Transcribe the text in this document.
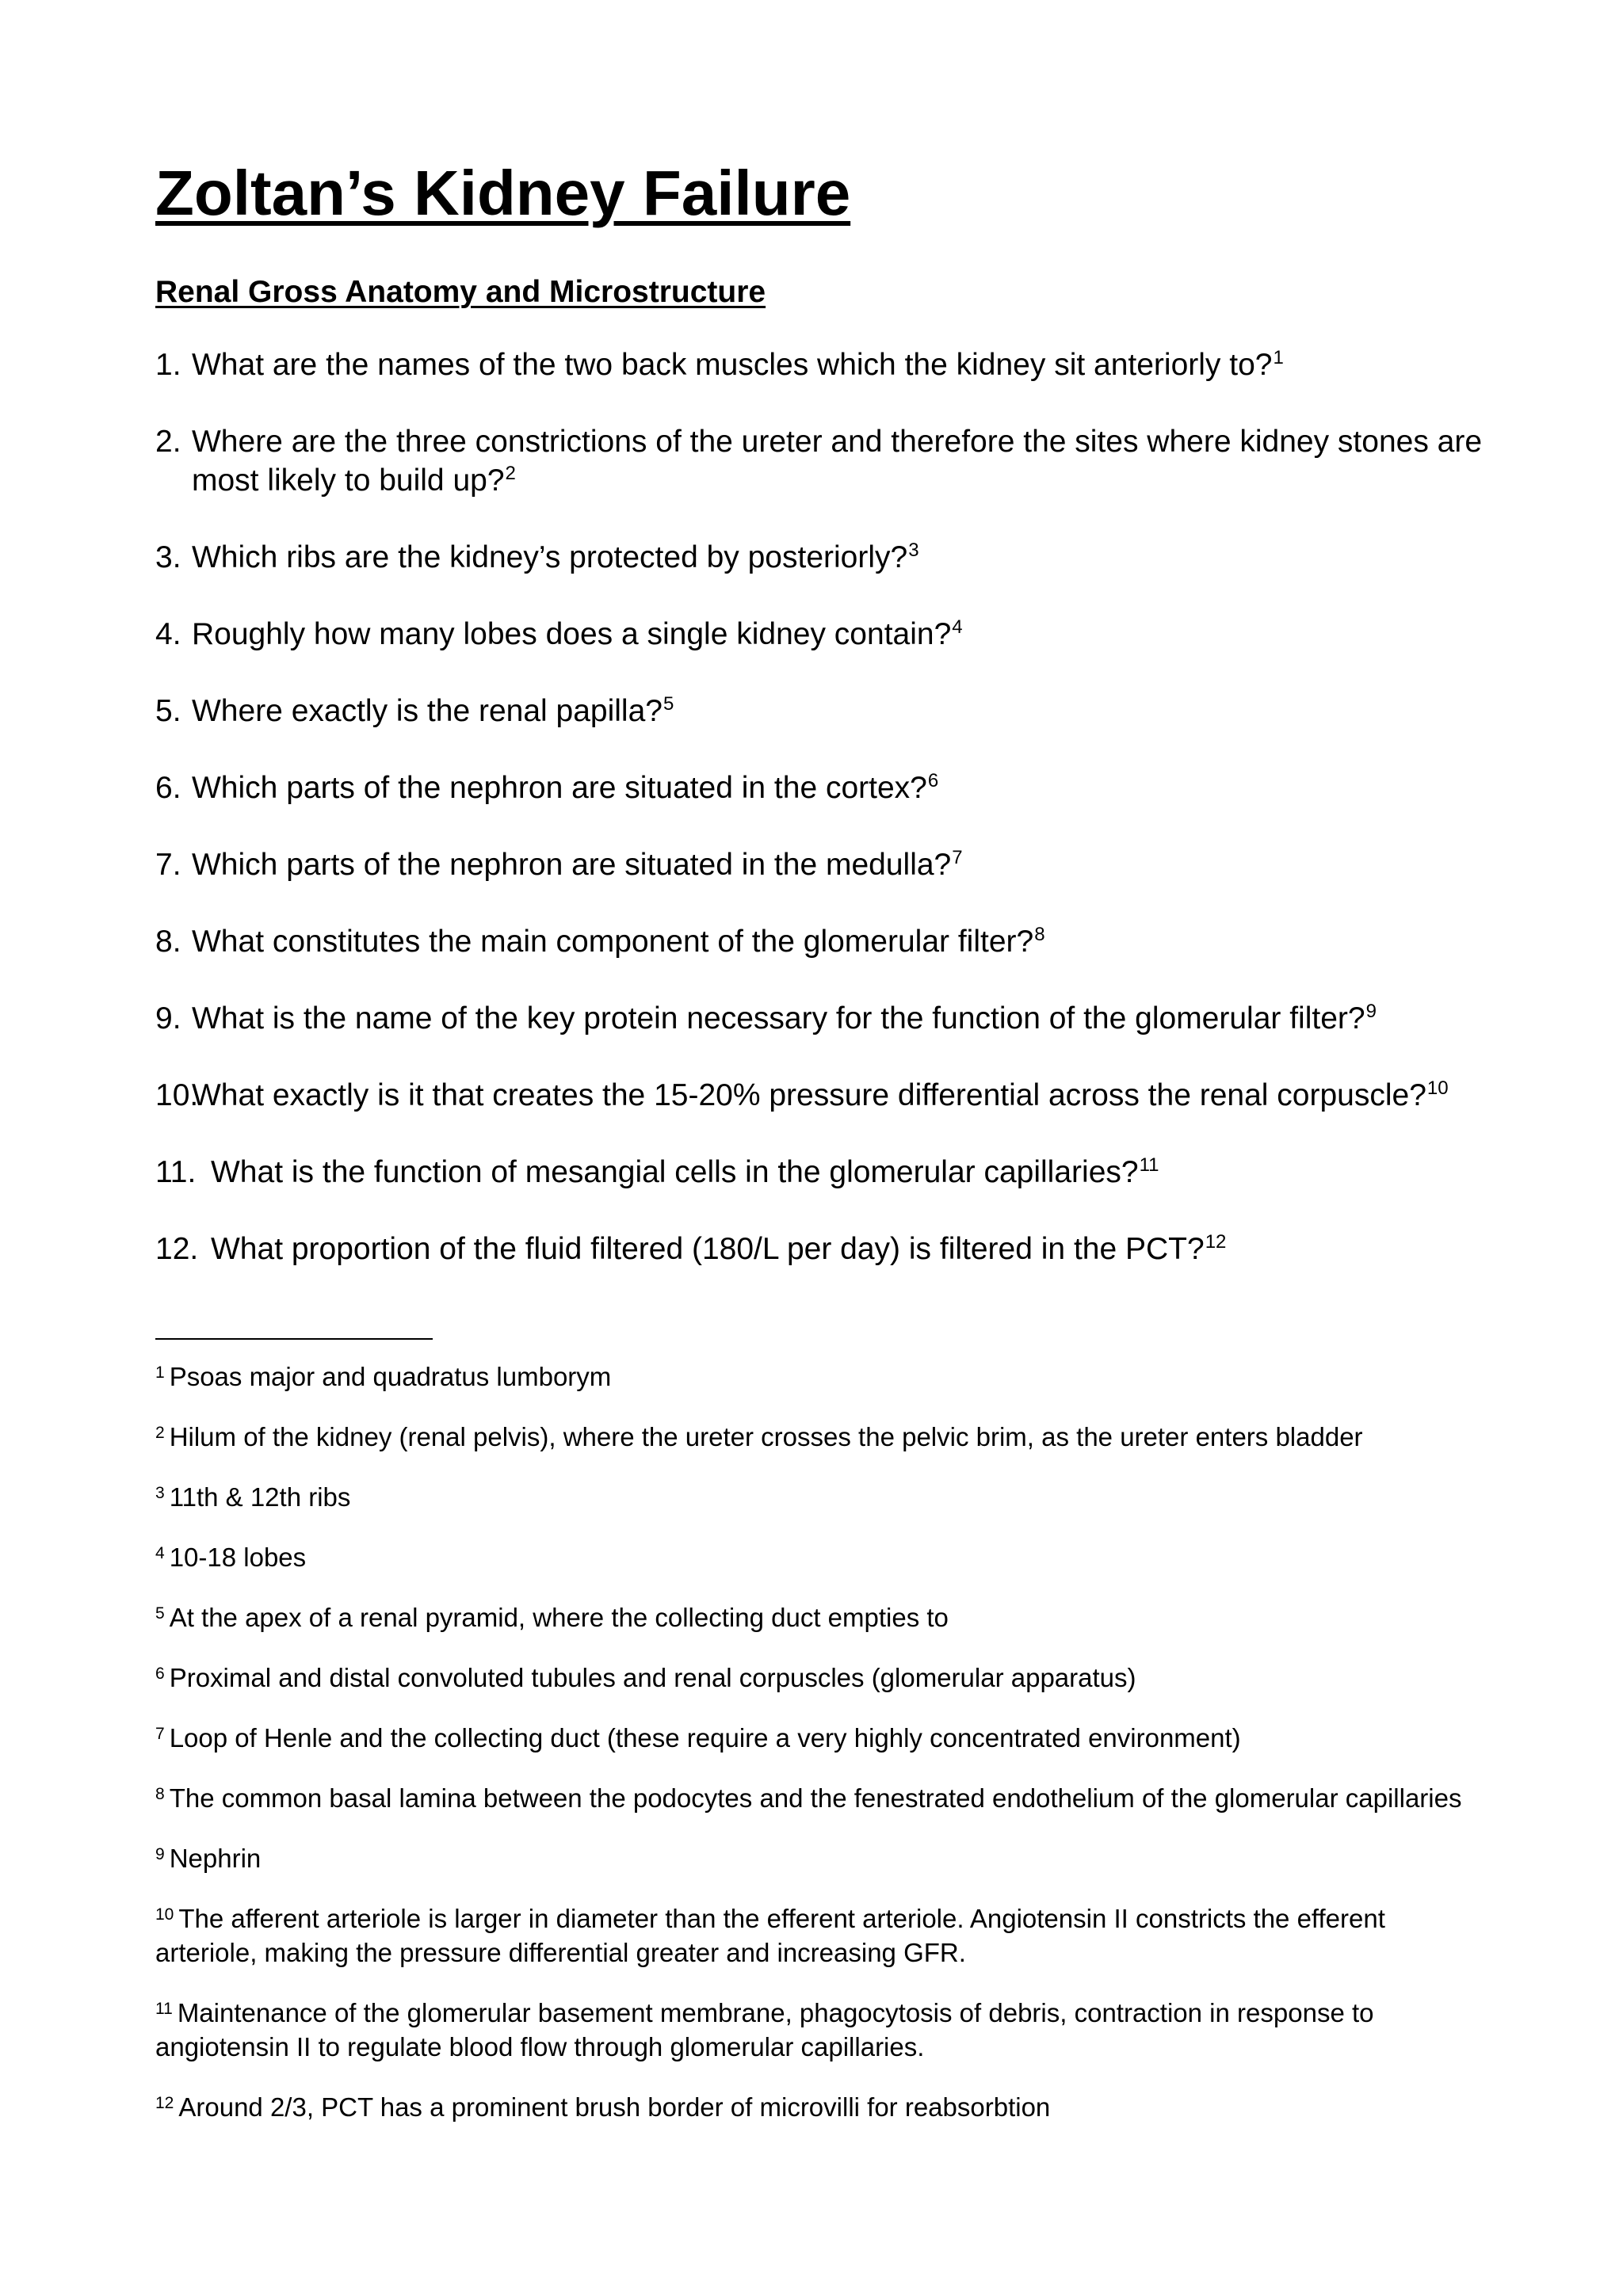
Zoltan’s Kidney Failure
Renal Gross Anatomy and Microstructure
1. What are the names of the two back muscles which the kidney sit anteriorly to?$^1$
2. Where are the three constrictions of the ureter and therefore the sites where kidney stones are most likely to build up?$^2$
3. Which ribs are the kidney’s protected by posteriorly?$^3$
4. Roughly how many lobes does a single kidney contain?$^4$
5. Where exactly is the renal papilla?$^5$
6. Which parts of the nephron are situated in the cortex?$^6$
7. Which parts of the nephron are situated in the medulla?$^7$
8. What constitutes the main component of the glomerular filter?$^8$
9. What is the name of the key protein necessary for the function of the glomerular filter?$^9$
10.
What exactly is it that creates the 15-20% pressure differential across the renal corpuscle?$^{10}$
11. What is the function of mesangial cells in the glomerular capillaries?$^{11}$
12. What proportion of the fluid filtered (180/L per day) is filtered in the PCT?$^{12}$
$^1$ Psoas major and quadratus lumborym
$^2$ Hilum of the kidney (renal pelvis), where the ureter crosses the pelvic brim, as the ureter enters bladder
$^3$ 11th & 12th ribs
$^4$ 10-18 lobes
$^5$ At the apex of a renal pyramid, where the collecting duct empties to
$^6$ Proximal and distal convoluted tubules and renal corpuscles (glomerular apparatus)
$^7$ Loop of Henle and the collecting duct (these require a very highly concentrated environment)
$^8$ The common basal lamina between the podocytes and the fenestrated endothelium of the glomerular capillaries
$^9$ Nephrin
$^{10}$ The afferent arteriole is larger in diameter than the efferent arteriole. Angiotensin II constricts the efferent arteriole, making the pressure differential greater and increasing GFR.
$^{11}$ Maintenance of the glomerular basement membrane, phagocytosis of debris, contraction in response to angiotensin II to regulate blood flow through glomerular capillaries.
$^{12}$ Around 2/3, PCT has a prominent brush border of microvilli for reabsorbtion
